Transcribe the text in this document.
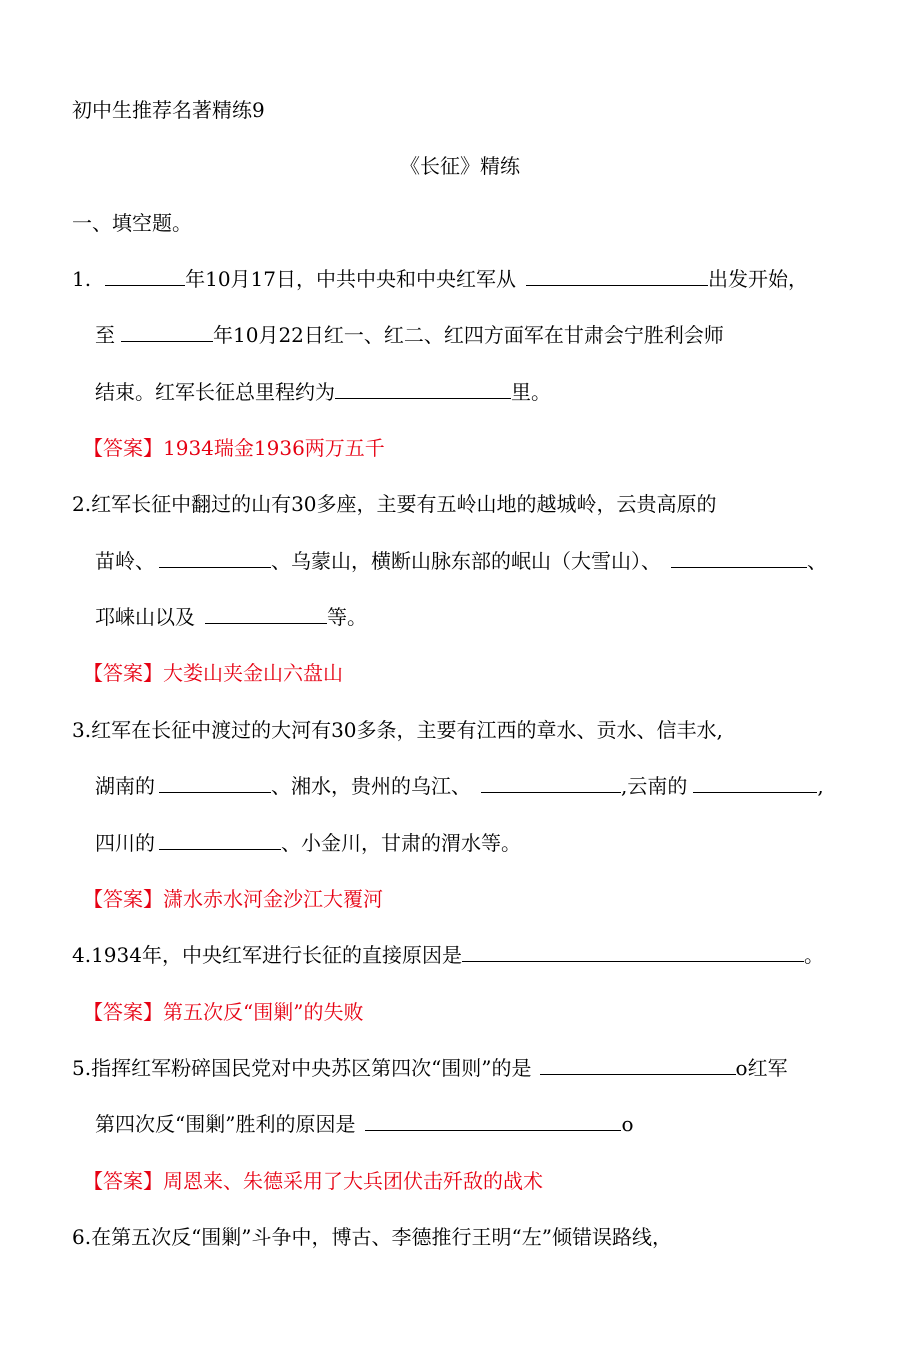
初中生推荐名著精练9
《长征》精练
一、填空题。
1.	年10月17日，中共中央和中央红军从	出发开始，
至	年10月22日红一、红二、红四方面军在甘肃会宁胜利会师
结束。红军长征总里程约为	里。
【答案】1934瑞金1936两万五千
2.红军长征中翻过的山有30多座，主要有五岭山地的越城岭，云贵高原的
苗岭、	、乌蒙山，横断山脉东部的岷山（大雪山）、	、
邛崃山以及	等。
【答案】大娄山夹金山六盘山
3.红军在长征中渡过的大河有30多条，主要有江西的章水、贡水、信丰水,
湖南的	、湘水，贵州的乌江、	,云南的	,
四川的	、小金川，甘肃的渭水等。
【答案】潇水赤水河金沙江大覆河
4.1934年，中央红军进行长征的直接原因是	。
【答案】第五次反“围剿”的失败
5.指挥红军粉碎国民党对中央苏区第四次“围则”的是	o红军
第四次反“围剿”胜利的原因是	o
【答案】周恩来、朱德采用了大兵团伏击歼敌的战术
6.在第五次反“围剿”斗争中，博古、李德推行王明“左”倾错误路线，
